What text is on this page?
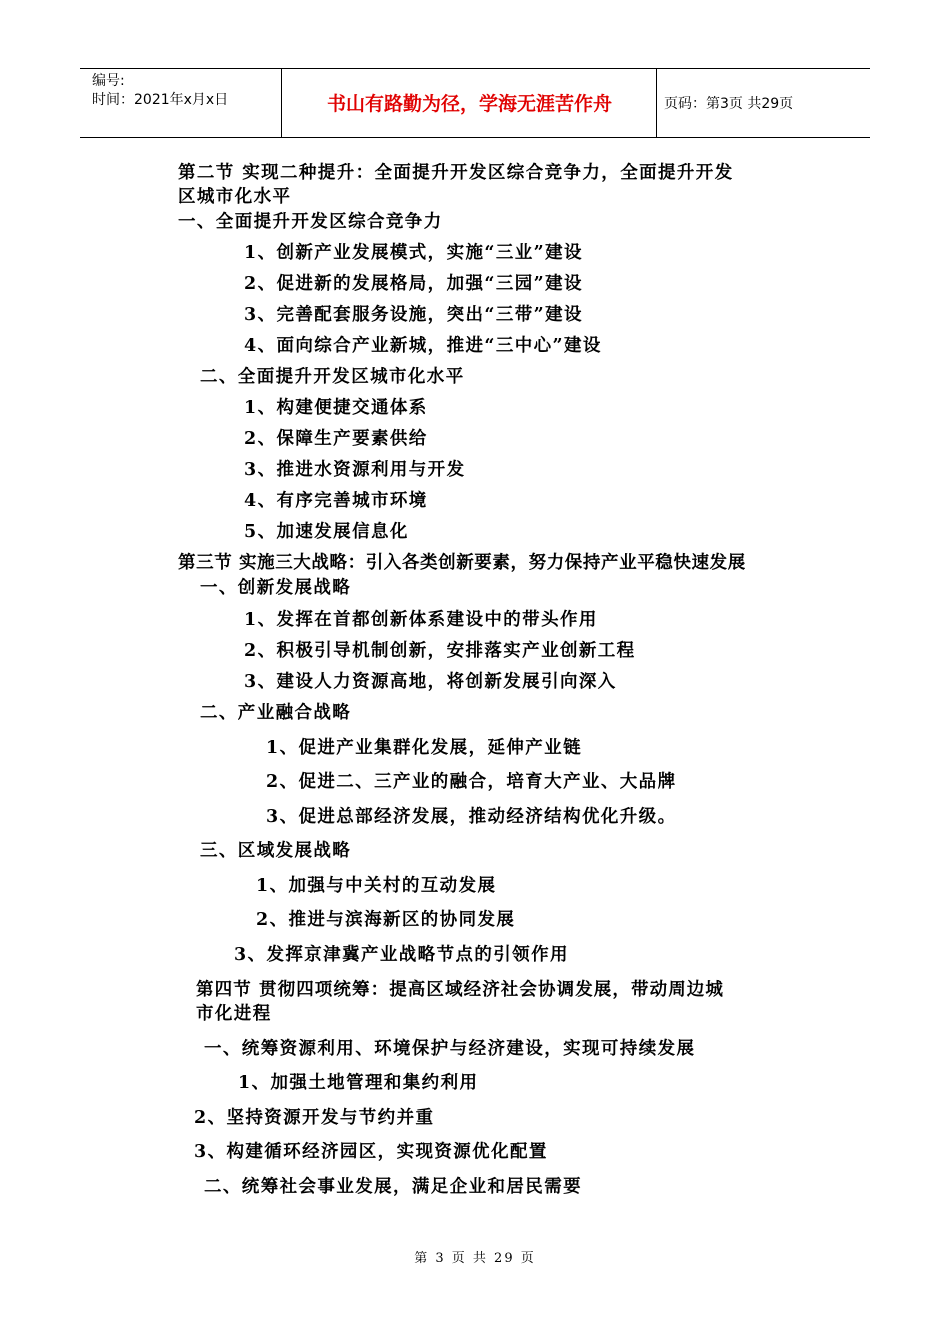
编号:
时间：2021年x月x日	书山有路勤为径，学海无涯苦作舟	页码：第3页 共29页
第二节 实现二种提升：全面提升开发区综合竞争力，全面提升开发
区城市化水平
一、全面提升开发区综合竞争力
1、创新产业发展模式，实施“三业”建设
2、促进新的发展格局，加强“三园”建设
3、完善配套服务设施，突出“三带”建设
4、面向综合产业新城，推进“三中心”建设
二、全面提升开发区城市化水平
1、构建便捷交通体系
2、保障生产要素供给
3、推进水资源利用与开发
4、有序完善城市环境
5、加速发展信息化
第三节 实施三大战略：引入各类创新要素，努力保持产业平稳快速发展
一、创新发展战略
1、发挥在首都创新体系建设中的带头作用
2、积极引导机制创新，安排落实产业创新工程
3、建设人力资源高地，将创新发展引向深入
二、产业融合战略
1、促进产业集群化发展，延伸产业链
2、促进二、三产业的融合，培育大产业、大品牌
3、促进总部经济发展，推动经济结构优化升级。
三、区域发展战略
1、加强与中关村的互动发展
2、推进与滨海新区的协同发展
3、发挥京津冀产业战略节点的引领作用
第四节 贯彻四项统筹：提高区域经济社会协调发展，带动周边城
市化进程
一、统筹资源利用、环境保护与经济建设，实现可持续发展
1、加强土地管理和集约利用
2、坚持资源开发与节约并重
3、构建循环经济园区，实现资源优化配置
二、统筹社会事业发展，满足企业和居民需要
第 3 页 共 29 页
